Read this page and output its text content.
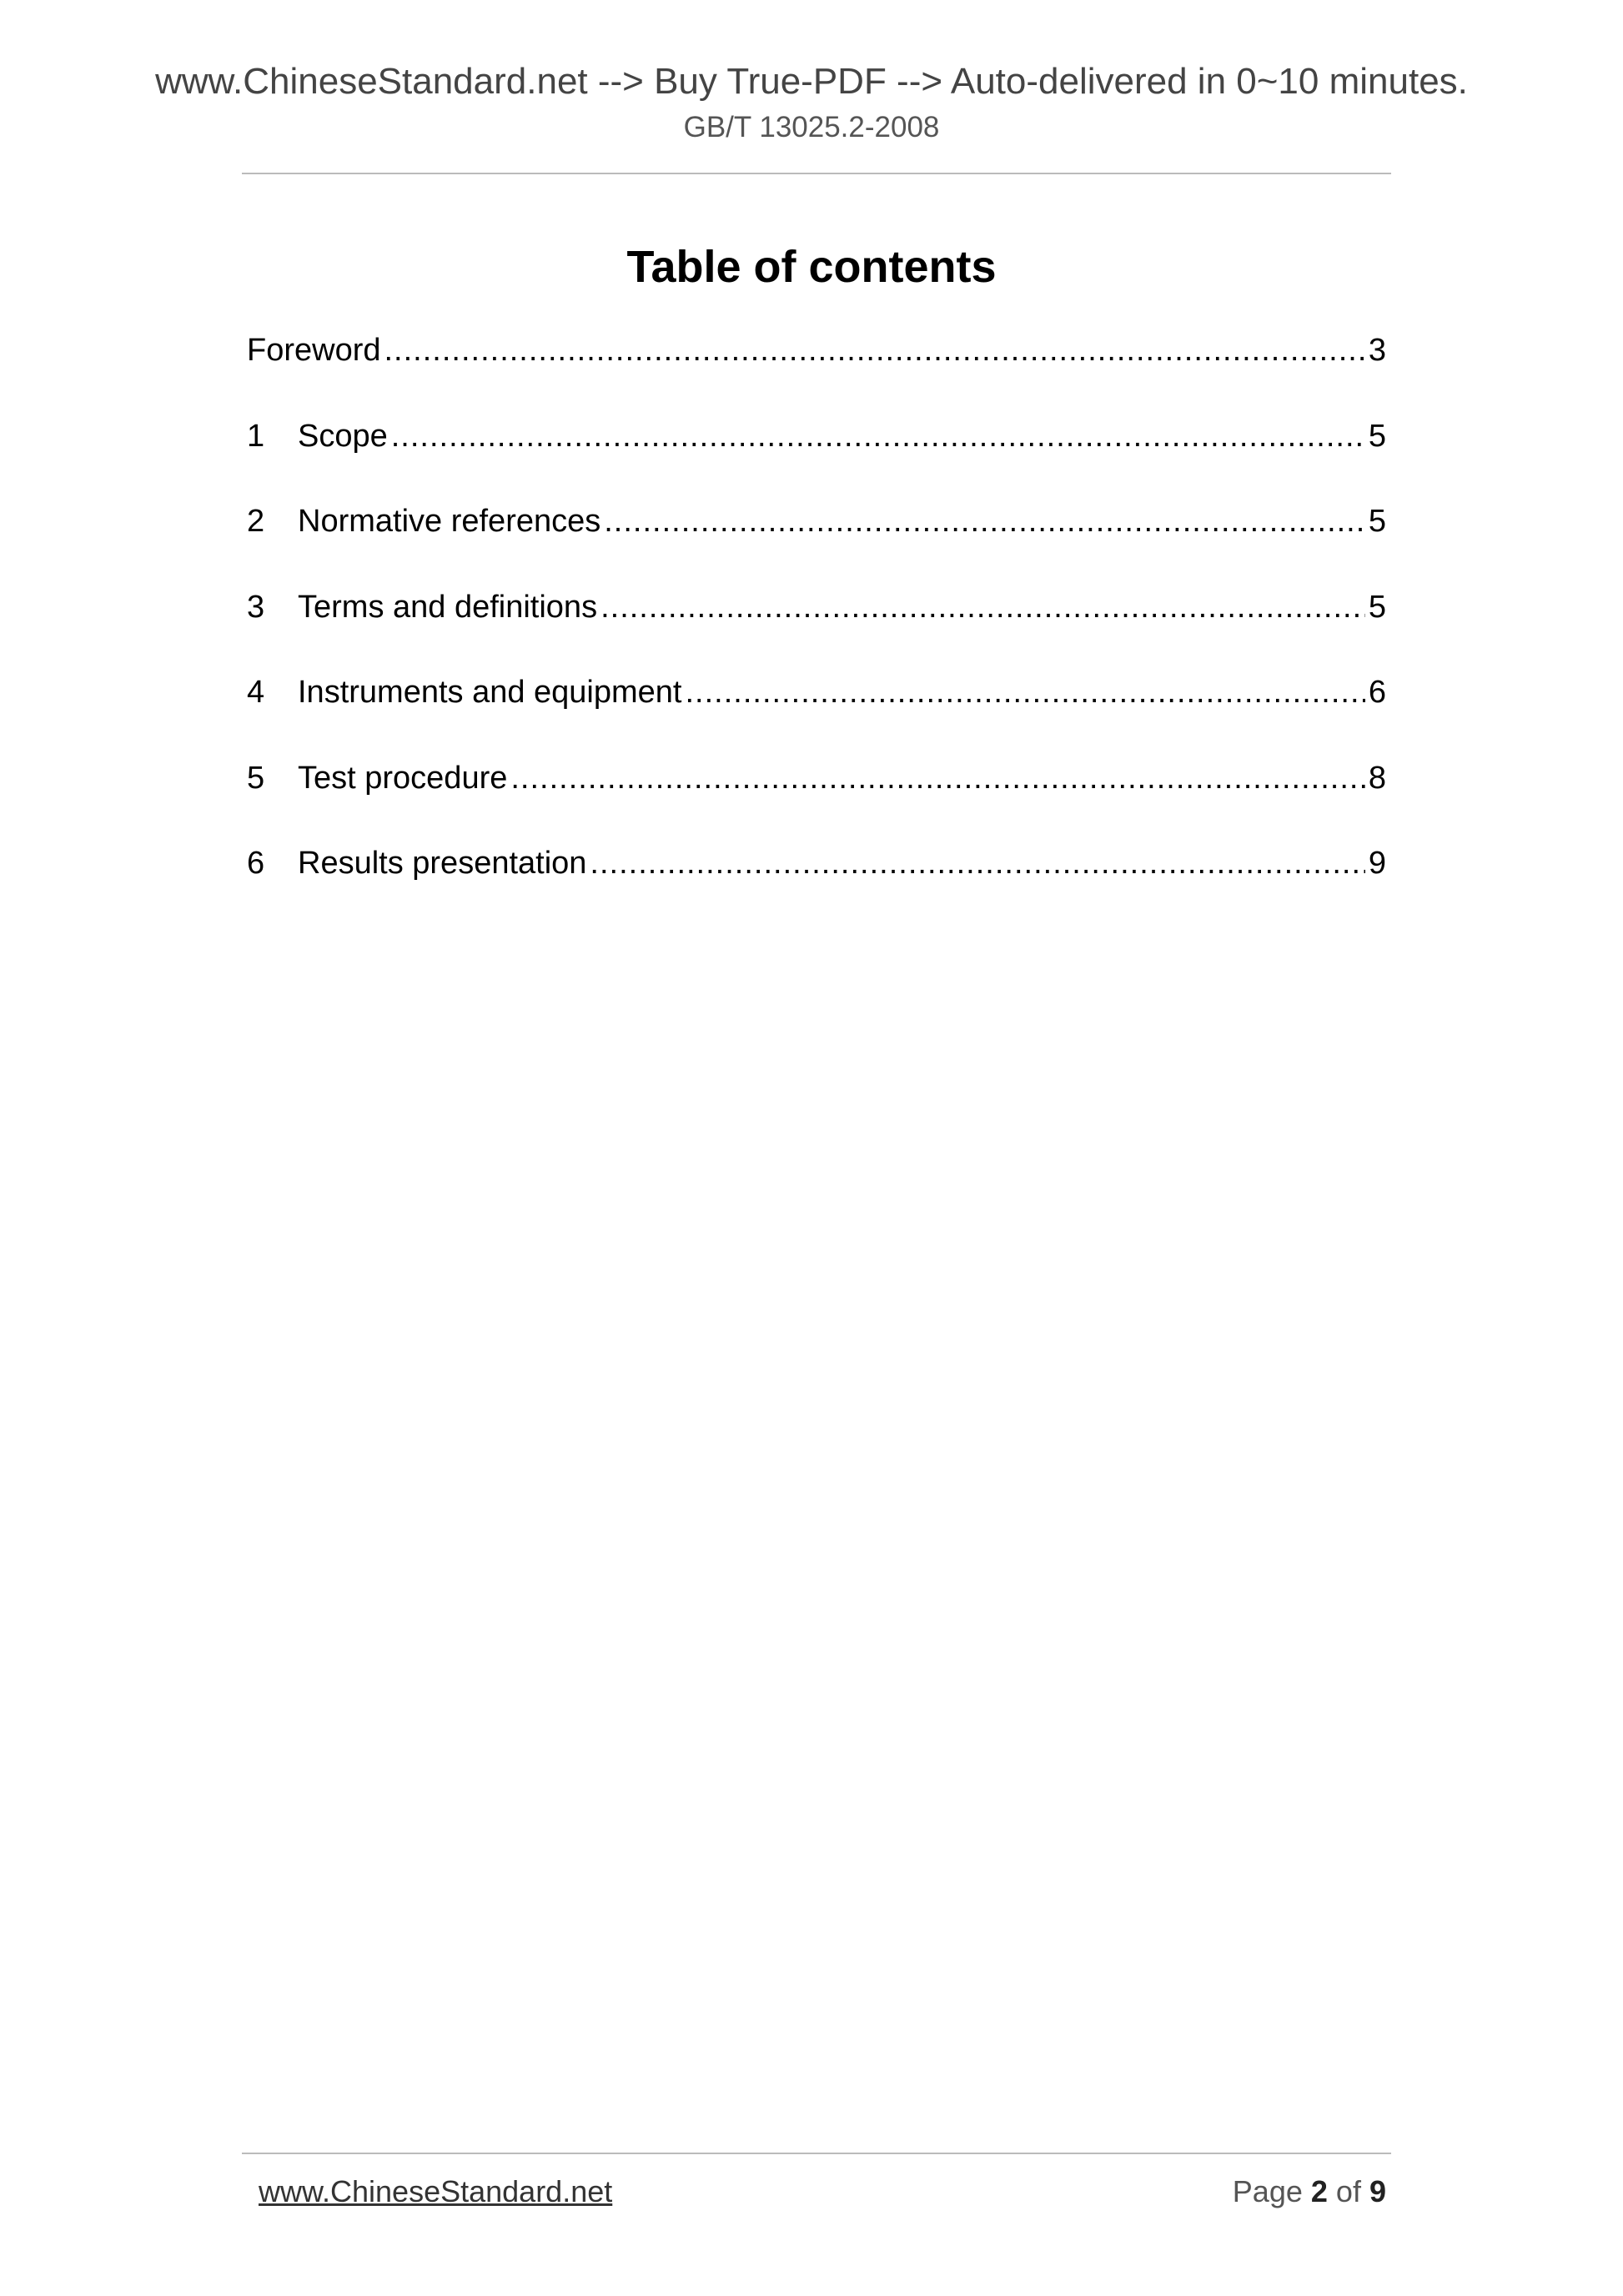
www.ChineseStandard.net --> Buy True-PDF --> Auto-delivered in 0~10 minutes.
GB/T 13025.2-2008
Table of contents
Foreword .....	3
1	Scope .....	5
2	Normative references .....	5
3	Terms and definitions .....	5
4	Instruments and equipment .....	6
5	Test procedure .....	8
6	Results presentation .....	9
www.ChineseStandard.net	Page 2 of 9
